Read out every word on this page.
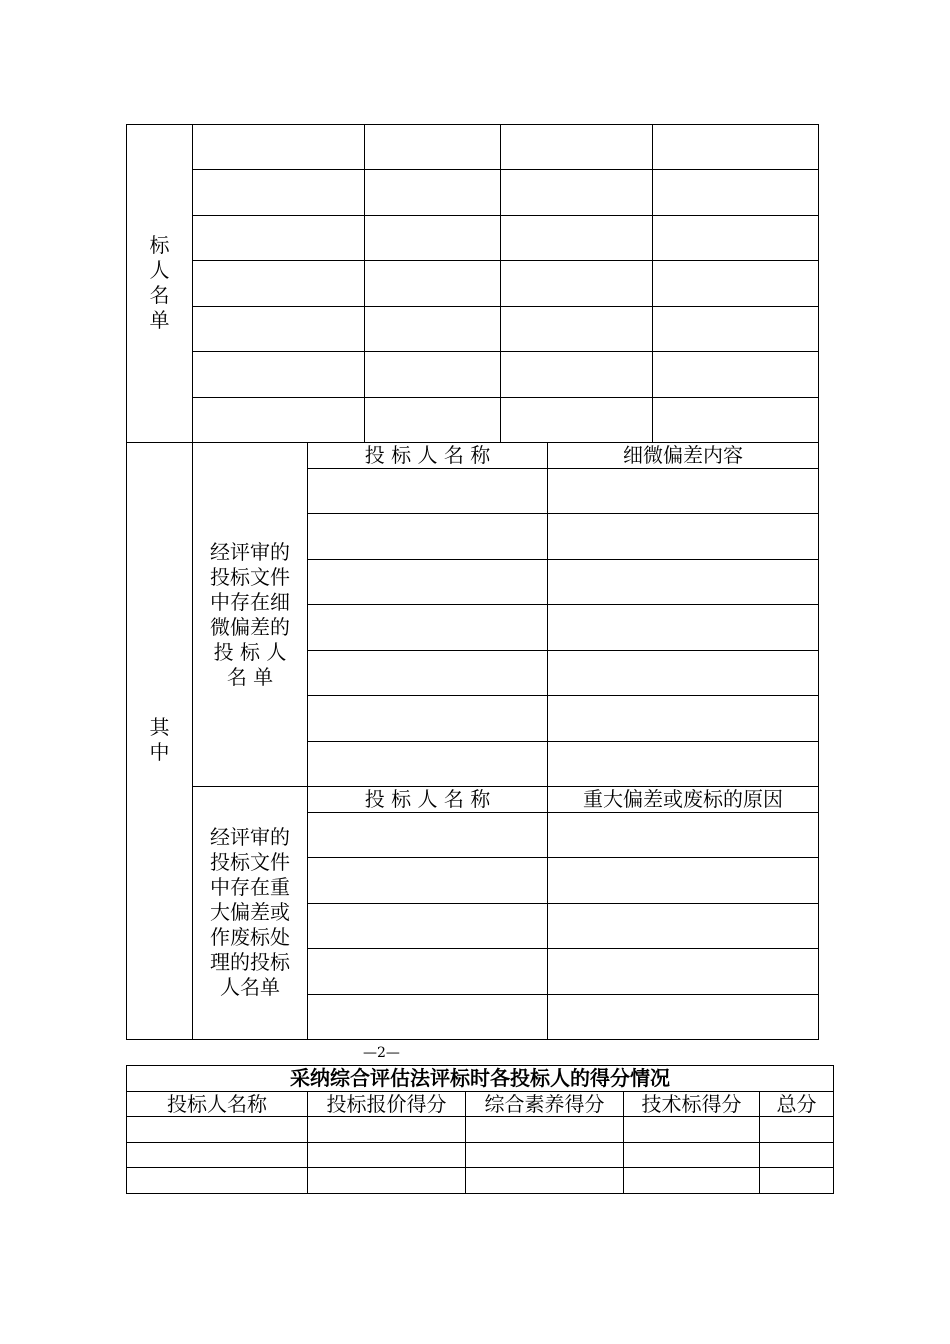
标
人
名
单
其
中
经评审的
投标文件
中存在细
微偏差的
投 标 人
名 单
投 标 人 名 称	细微偏差内容
经评审的
投标文件
中存在重
大偏差或
作废标处
理的投标
人名单
投 标 人 名 称	重大偏差或废标的原因
—2—
采纳综合评估法评标时各投标人的得分情况
投标人名称	投标报价得分	综合素养得分	技术标得分	总分
